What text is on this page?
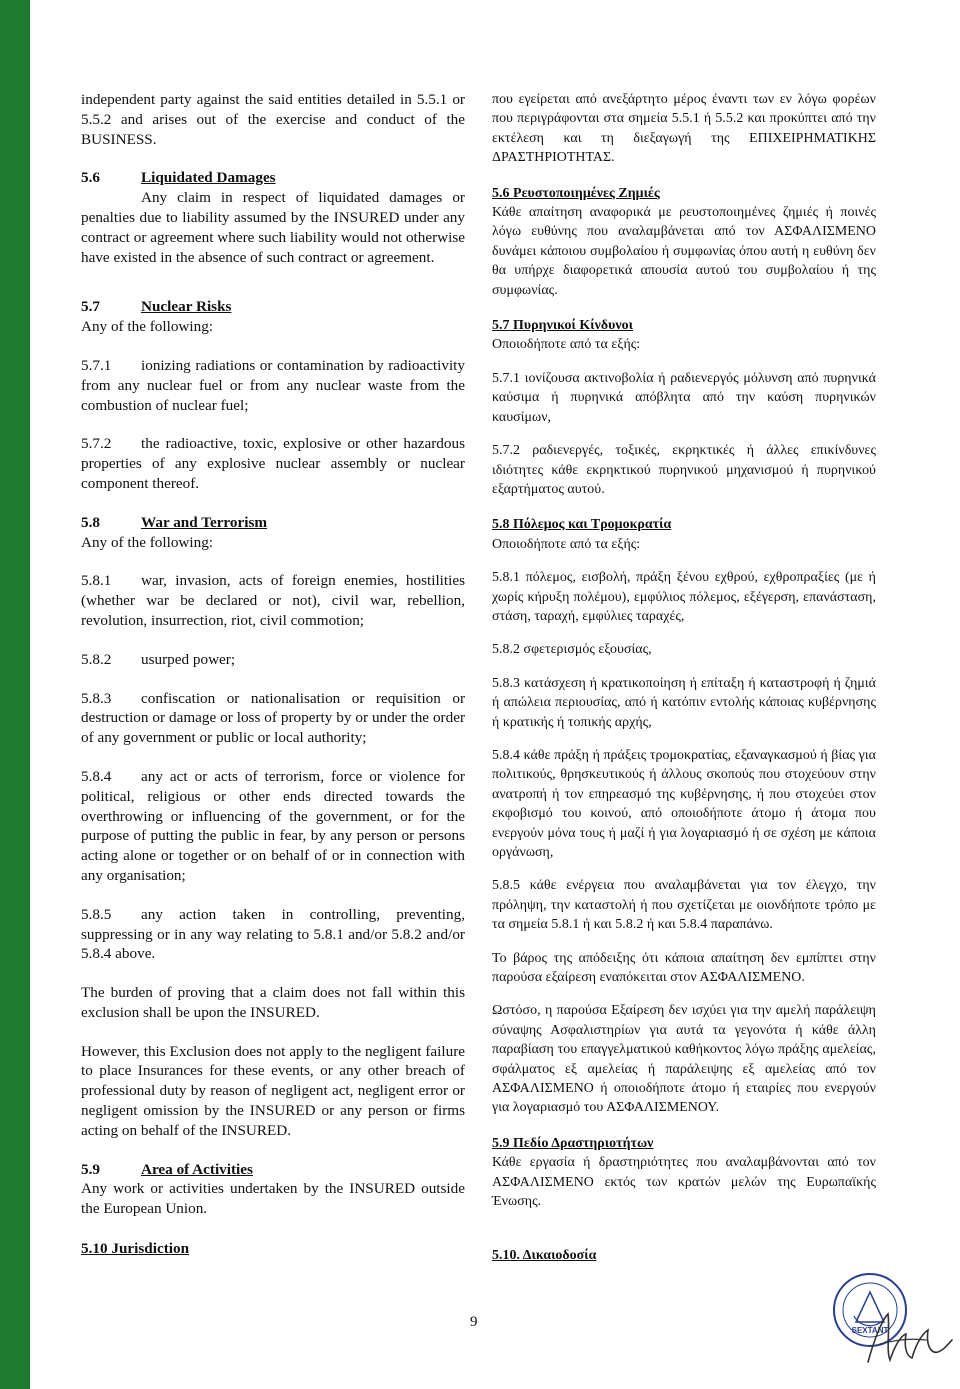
independent party against the said entities detailed in 5.5.1 or 5.5.2 and arises out of the exercise and conduct of the BUSINESS.

5.6	Liquidated Damages

Any claim in respect of liquidated damages or penalties due to liability assumed by the INSURED under any contract or agreement where such liability would not otherwise have existed in the absence of such contract or agreement.

5.7	Nuclear Risks

Any of the following:

5.7.1 ionizing radiations or contamination by radioactivity from any nuclear fuel or from any nuclear waste from the combustion of nuclear fuel;

5.7.2 the radioactive, toxic, explosive or other hazardous properties of any explosive nuclear assembly or nuclear component thereof.

5.8	War and Terrorism

Any of the following:

5.8.1 war, invasion, acts of foreign enemies, hostilities (whether war be declared or not), civil war, rebellion, revolution, insurrection, riot, civil commotion;

5.8.2 usurped power;

5.8.3 confiscation or nationalisation or requisition or destruction or damage or loss of property by or under the order of any government or public or local authority;

5.8.4 any act or acts of terrorism, force or violence for political, religious or other ends directed towards the overthrowing or influencing of the government, or for the purpose of putting the public in fear, by any person or persons acting alone or together or on behalf of or in connection with any organisation;

5.8.5 any action taken in controlling, preventing, suppressing or in any way relating to 5.8.1 and/or 5.8.2 and/or 5.8.4 above.

The burden of proving that a claim does not fall within this exclusion shall be upon the INSURED.

However, this Exclusion does not apply to the negligent failure to place Insurances for these events, or any other breach of professional duty by reason of negligent act, negligent error or negligent omission by the INSURED or any person or firms acting on behalf of the INSURED.

5.9	Area of Activities

Any work or activities undertaken by the INSURED outside the European Union.

5.10 Jurisdiction

που εγείρεται από ανεξάρτητο μέρος έναντι των εν λόγω φορέων που περιγράφονται στα σημεία 5.5.1 ή 5.5.2 και προκύπτει από την εκτέλεση και τη διεξαγωγή της ΕΠΙΧΕΙΡΗΜΑΤΙΚΗΣ ΔΡΑΣΤΗΡΙΟΤΗΤΑΣ.

5.6 Ρευστοποιημένες Ζημιές

Κάθε απαίτηση αναφορικά με ρευστοποιημένες ζημιές ή ποινές λόγω ευθύνης που αναλαμβάνεται από τον ΑΣΦΑΛΙΣΜΕΝΟ δυνάμει κάποιου συμβολαίου ή συμφωνίας όπου αυτή η ευθύνη δεν θα υπήρχε διαφορετικά απουσία αυτού του συμβολαίου ή της συμφωνίας.

5.7 Πυρηνικοί Κίνδυνοι

Οποιοδήποτε από τα εξής:

5.7.1 ιονίζουσα ακτινοβολία ή ραδιενεργός μόλυνση από πυρηνικά καύσιμα ή πυρηνικά απόβλητα από την καύση πυρηνικών καυσίμων,

5.7.2 ραδιενεργές, τοξικές, εκρηκτικές ή άλλες επικίνδυνες ιδιότητες κάθε εκρηκτικού πυρηνικού μηχανισμού ή πυρηνικού εξαρτήματος αυτού.

5.8 Πόλεμος και Τρομοκρατία

Οποιοδήποτε από τα εξής:

5.8.1 πόλεμος, εισβολή, πράξη ξένου εχθρού, εχθροπραξίες (με ή χωρίς κήρυξη πολέμου), εμφύλιος πόλεμος, εξέγερση, επανάσταση, στάση, ταραχή, εμφύλιες ταραχές,

5.8.2 σφετερισμός εξουσίας,

5.8.3 κατάσχεση ή κρατικοποίηση ή επίταξη ή καταστροφή ή ζημιά ή απώλεια περιουσίας, από ή κατόπιν εντολής κάποιας κυβέρνησης ή κρατικής ή τοπικής αρχής,

5.8.4 κάθε πράξη ή πράξεις τρομοκρατίας, εξαναγκασμού ή βίας για πολιτικούς, θρησκευτικούς ή άλλους σκοπούς που στοχεύουν στην ανατροπή ή τον επηρεασμό της κυβέρνησης, ή που στοχεύει στον εκφοβισμό του κοινού, από οποιοδήποτε άτομο ή άτομα που ενεργούν μόνα τους ή μαζί ή για λογαριασμό ή σε σχέση με κάποια οργάνωση,

5.8.5 κάθε ενέργεια που αναλαμβάνεται για τον έλεγχο, την πρόληψη, την καταστολή ή που σχετίζεται με οιονδήποτε τρόπο με τα σημεία 5.8.1 ή και 5.8.2 ή και 5.8.4 παραπάνω.

Το βάρος της απόδειξης ότι κάποια απαίτηση δεν εμπίπτει στην παρούσα εξαίρεση εναπόκειται στον ΑΣΦΑΛΙΣΜΕΝΟ.

Ωστόσο, η παρούσα Εξαίρεση δεν ισχύει για την αμελή παράλειψη σύναψης Ασφαλιστηρίων για αυτά τα γεγονότα ή κάθε άλλη παραβίαση του επαγγελματικού καθήκοντος λόγω πράξης αμελείας, σφάλματος εξ αμελείας ή παράλειψης εξ αμελείας από τον ΑΣΦΑΛΙΣΜΕΝΟ ή οποιοδήποτε άτομο ή εταιρίες που ενεργούν για λογαριασμό του ΑΣΦΑΛΙΣΜΕΝΟΥ.

5.9 Πεδίο Δραστηριοτήτων

Κάθε εργασία ή δραστηριότητες που αναλαμβάνονται από τον ΑΣΦΑΛΙΣΜΕΝΟ εκτός των κρατών μελών της Ευρωπαϊκής Ένωσης.

5.10. Δικαιοδοσία
9
SEXTANT
